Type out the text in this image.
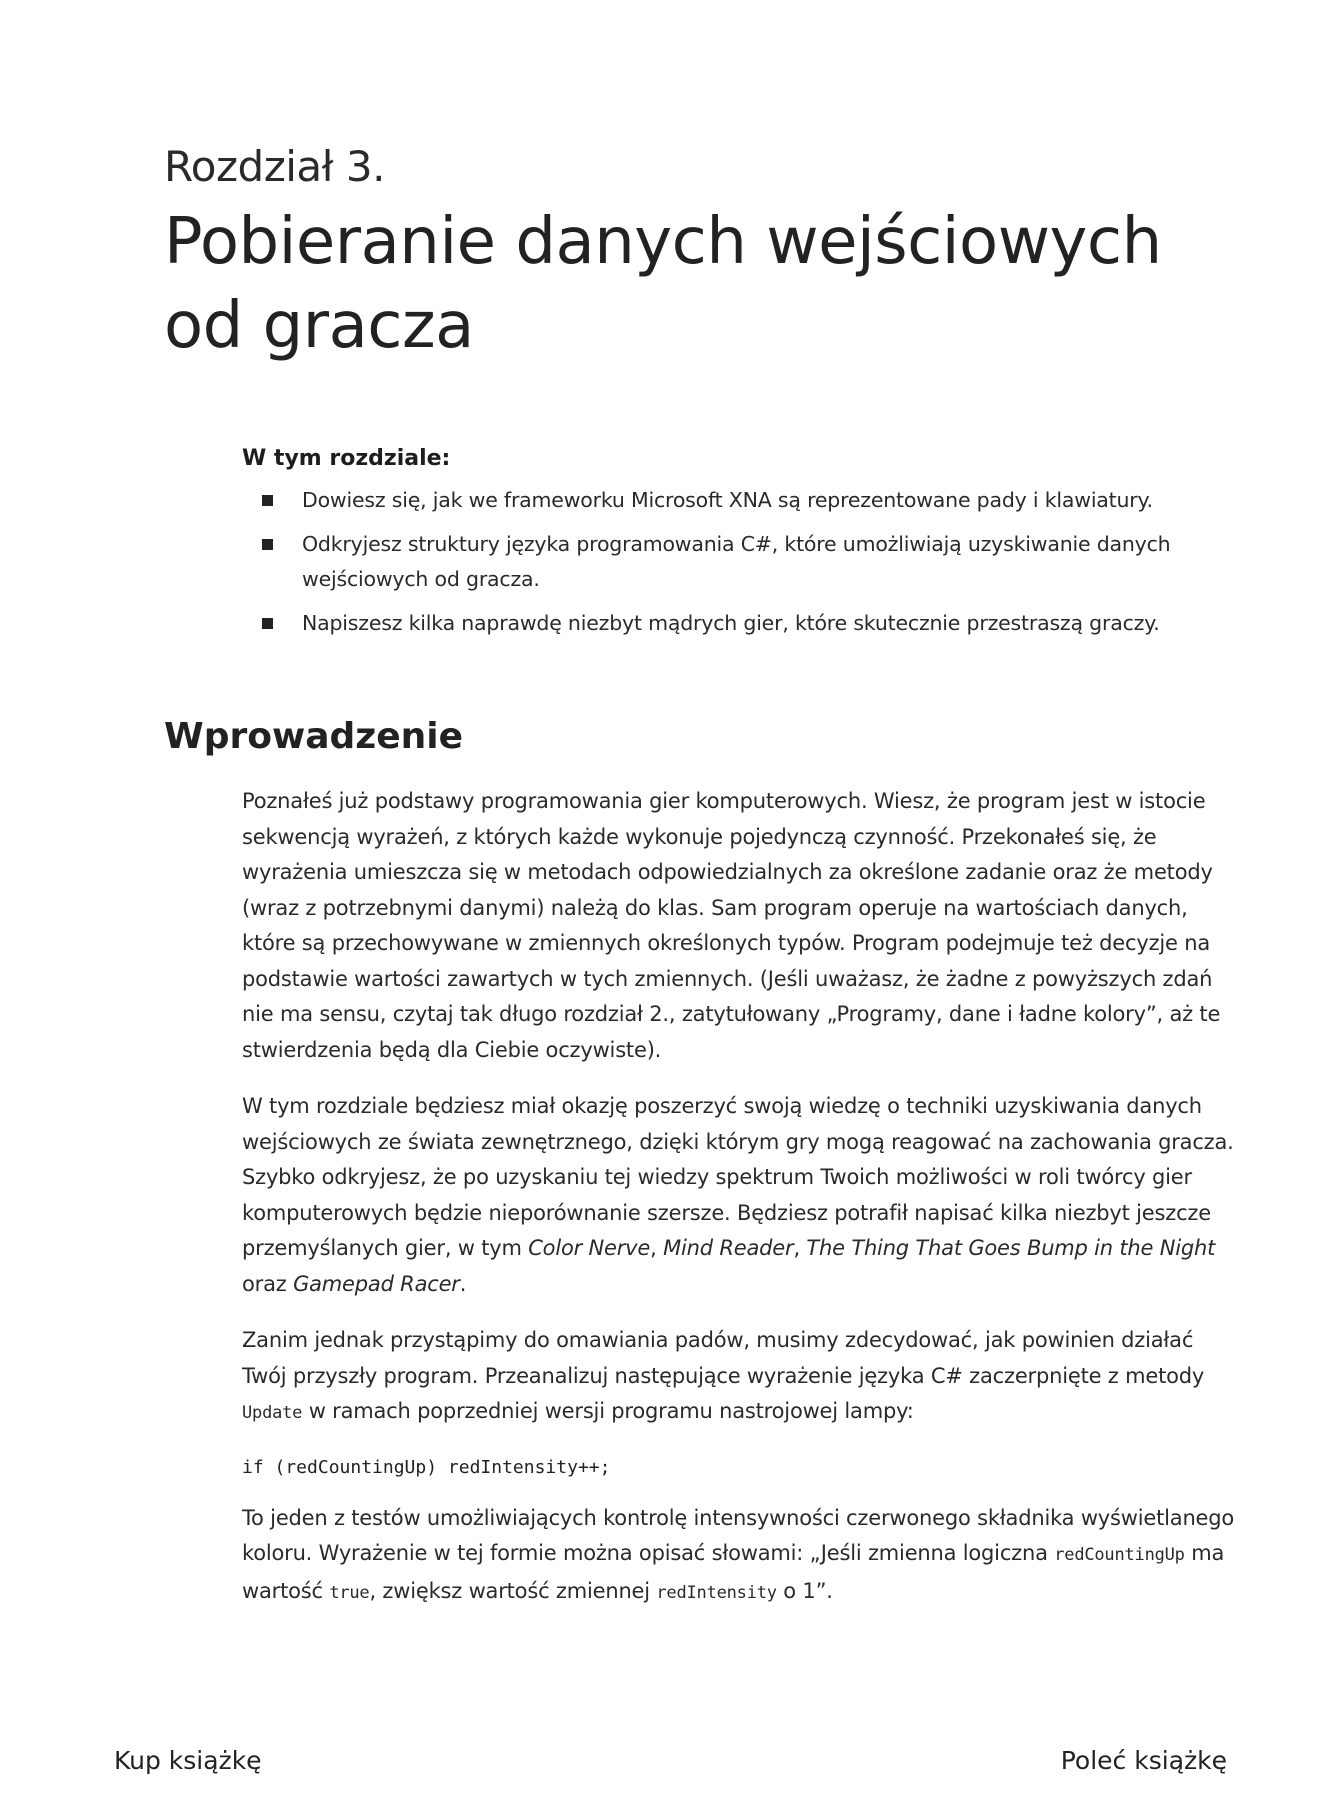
Rozdział 3.
Pobieranie danych wejściowych
od gracza

W tym rozdziale:

Dowiesz się, jak we frameworku Microsoft XNA są reprezentowane pady i klawiatury.
Odkryjesz struktury języka programowania C#, które umożliwiają uzyskiwanie danych wejściowych od gracza.
Napiszesz kilka naprawdę niezbyt mądrych gier, które skutecznie przestraszą graczy.
Wprowadzenie

Poznałeś już podstawy programowania gier komputerowych. Wiesz, że program jest w istocie sekwencją wyrażeń, z których każde wykonuje pojedynczą czynność. Przekonałeś się, że wyrażenia umieszcza się w metodach odpowiedzialnych za określone zadanie oraz że metody (wraz z potrzebnymi danymi) należą do klas. Sam program operuje na wartościach danych, które są przechowywane w zmiennych określonych typów. Program podejmuje też decyzje na podstawie wartości zawartych w tych zmiennych. (Jeśli uważasz, że żadne z powyższych zdań nie ma sensu, czytaj tak długo rozdział 2., zatytułowany „Programy, dane i ładne kolory”, aż te stwierdzenia będą dla Ciebie oczywiste).

W tym rozdziale będziesz miał okazję poszerzyć swoją wiedzę o techniki uzyskiwania danych wejściowych ze świata zewnętrznego, dzięki którym gry mogą reagować na zachowania gracza. Szybko odkryjesz, że po uzyskaniu tej wiedzy spektrum Twoich możliwości w roli twórcy gier komputerowych będzie nieporównanie szersze. Będziesz potrafił napisać kilka niezbyt jeszcze przemyślanych gier, w tym Color Nerve, Mind Reader, The Thing That Goes Bump in the Night oraz Gamepad Racer.

Zanim jednak przystąpimy do omawiania padów, musimy zdecydować, jak powinien działać Twój przyszły program. Przeanalizuj następujące wyrażenie języka C# zaczerpnięte z metody Update w ramach poprzedniej wersji programu nastrojowej lampy:

if (redCountingUp) redIntensity++;

To jeden z testów umożliwiających kontrolę intensywności czerwonego składnika wyświetlanego koloru. Wyrażenie w tej formie można opisać słowami: „Jeśli zmienna logiczna redCountingUp ma wartość true, zwiększ wartość zmiennej redIntensity o 1”.

Kup książkę	Poleć książkę
